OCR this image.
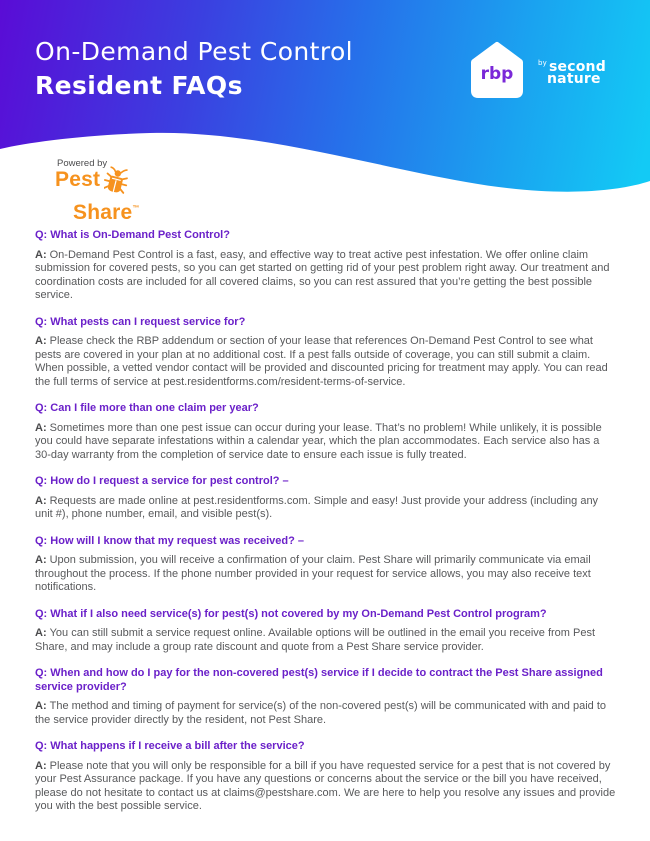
On-Demand Pest Control
Resident FAQs	rbp
$^{by}$ second
nature
Powered by
Pest
Share™
Q: What is On-Demand Pest Control?
A: On-Demand Pest Control is a fast, easy, and effective way to treat active pest infestation. We offer online claim submission for covered pests, so you can get started on getting rid of your pest problem right away. Our treatment and coordination costs are included for all covered claims, so you can rest assured that you’re getting the best possible service.
Q: What pests can I request service for?
A: Please check the RBP addendum or section of your lease that references On-Demand Pest Control to see what pests are covered in your plan at no additional cost. If a pest falls outside of coverage, you can still submit a claim. When possible, a vetted vendor contact will be provided and discounted pricing for treatment may apply. You can read the full terms of service at pest.residentforms.com/resident-terms-of-service.
Q: Can I file more than one claim per year?
A: Sometimes more than one pest issue can occur during your lease. That’s no problem! While unlikely, it is possible you could have separate infestations within a calendar year, which the plan accommodates. Each service also has a 30-day warranty from the completion of service date to ensure each issue is fully treated.
Q: How do I request a service for pest control? –
A: Requests are made online at pest.residentforms.com. Simple and easy! Just provide your address (including any unit #), phone number, email, and visible pest(s).
Q: How will I know that my request was received? –
A: Upon submission, you will receive a confirmation of your claim. Pest Share will primarily communicate via email throughout the process. If the phone number provided in your request for service allows, you may also receive text notifications.
Q: What if I also need service(s) for pest(s) not covered by my On-Demand Pest Control program?
A: You can still submit a service request online. Available options will be outlined in the email you receive from Pest Share, and may include a group rate discount and quote from a Pest Share service provider.
Q: When and how do I pay for the non-covered pest(s) service if I decide to contract the Pest Share assigned service provider?
A: The method and timing of payment for service(s) of the non-covered pest(s) will be communicated with and paid to the service provider directly by the resident, not Pest Share.
Q: What happens if I receive a bill after the service?
A: Please note that you will only be responsible for a bill if you have requested service for a pest that is not covered by your Pest Assurance package. If you have any questions or concerns about the service or the bill you have received, please do not hesitate to contact us at claims@pestshare.com. We are here to help you resolve any issues and provide you with the best possible service.
